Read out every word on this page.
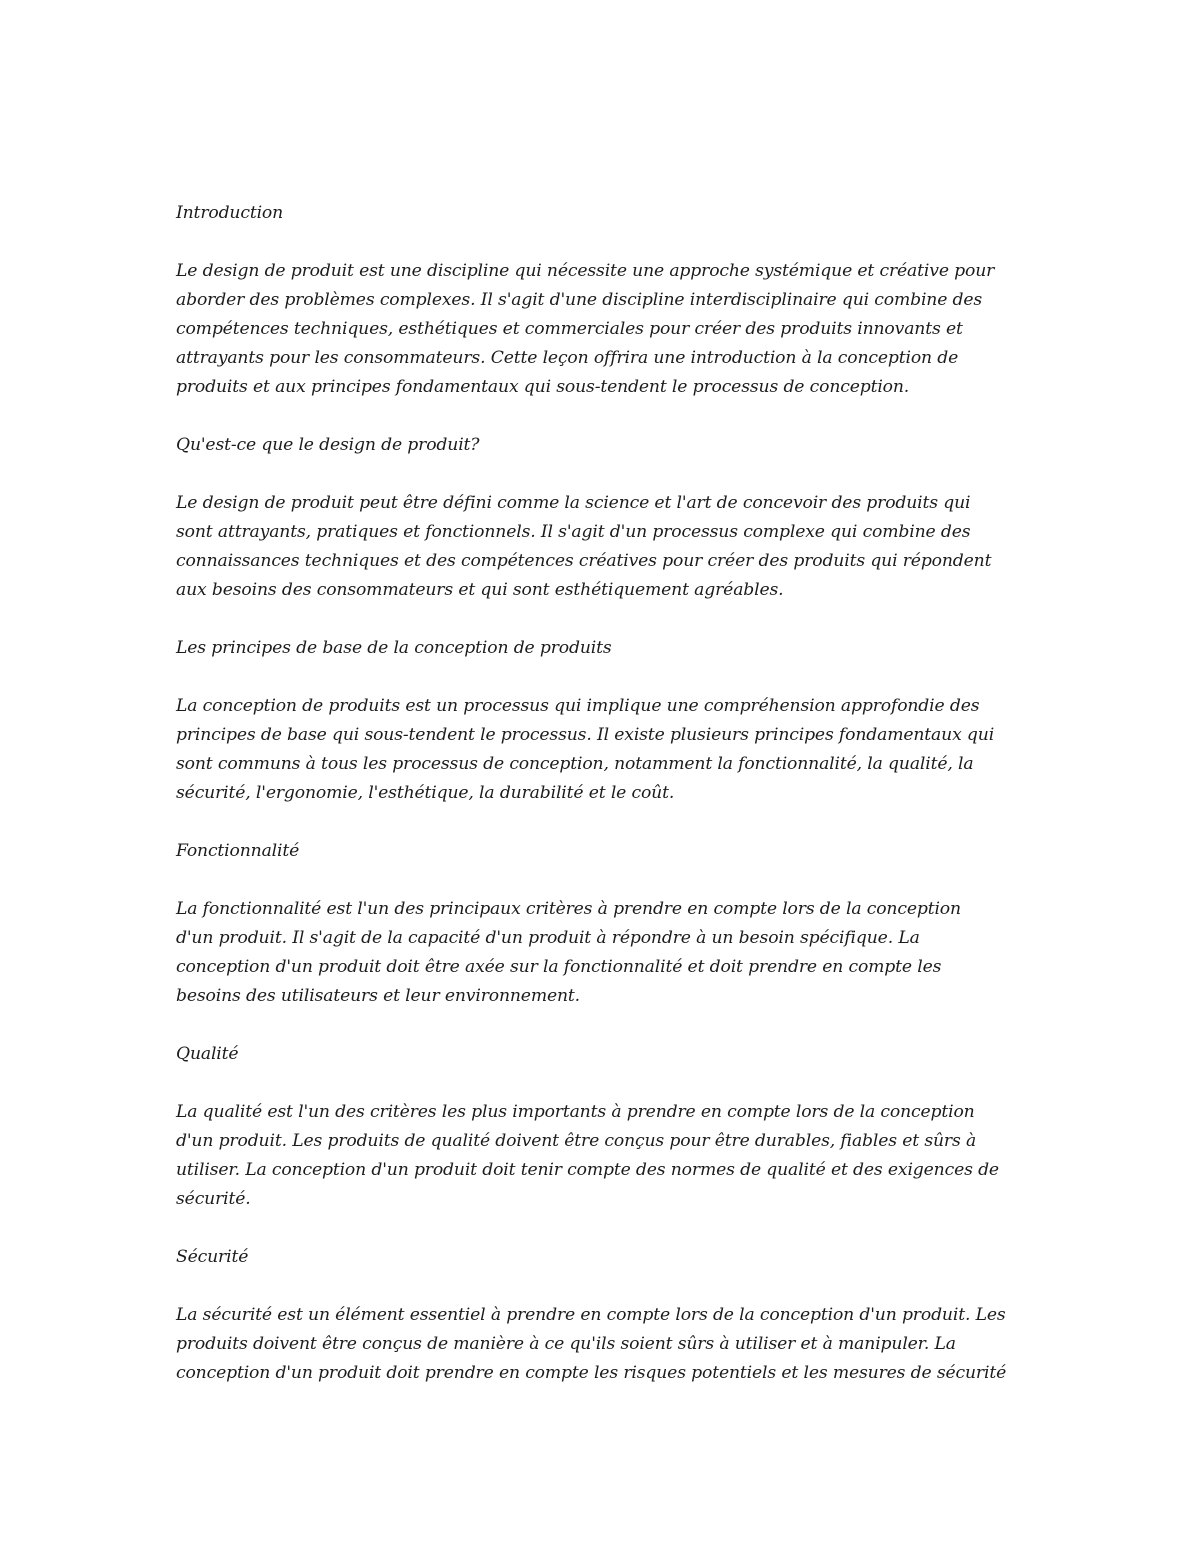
Introduction
Le design de produit est une discipline qui nécessite une approche systémique et créative pour
aborder des problèmes complexes. Il s'agit d'une discipline interdisciplinaire qui combine des
compétences techniques, esthétiques et commerciales pour créer des produits innovants et
attrayants pour les consommateurs. Cette leçon offrira une introduction à la conception de
produits et aux principes fondamentaux qui sous-tendent le processus de conception.
Qu'est-ce que le design de produit?
Le design de produit peut être défini comme la science et l'art de concevoir des produits qui
sont attrayants, pratiques et fonctionnels. Il s'agit d'un processus complexe qui combine des
connaissances techniques et des compétences créatives pour créer des produits qui répondent
aux besoins des consommateurs et qui sont esthétiquement agréables.
Les principes de base de la conception de produits
La conception de produits est un processus qui implique une compréhension approfondie des
principes de base qui sous-tendent le processus. Il existe plusieurs principes fondamentaux qui
sont communs à tous les processus de conception, notamment la fonctionnalité, la qualité, la
sécurité, l'ergonomie, l'esthétique, la durabilité et le coût.
Fonctionnalité
La fonctionnalité est l'un des principaux critères à prendre en compte lors de la conception
d'un produit. Il s'agit de la capacité d'un produit à répondre à un besoin spécifique. La
conception d'un produit doit être axée sur la fonctionnalité et doit prendre en compte les
besoins des utilisateurs et leur environnement.
Qualité
La qualité est l'un des critères les plus importants à prendre en compte lors de la conception
d'un produit. Les produits de qualité doivent être conçus pour être durables, fiables et sûrs à
utiliser. La conception d'un produit doit tenir compte des normes de qualité et des exigences de
sécurité.
Sécurité
La sécurité est un élément essentiel à prendre en compte lors de la conception d'un produit. Les
produits doivent être conçus de manière à ce qu'ils soient sûrs à utiliser et à manipuler. La
conception d'un produit doit prendre en compte les risques potentiels et les mesures de sécurité
